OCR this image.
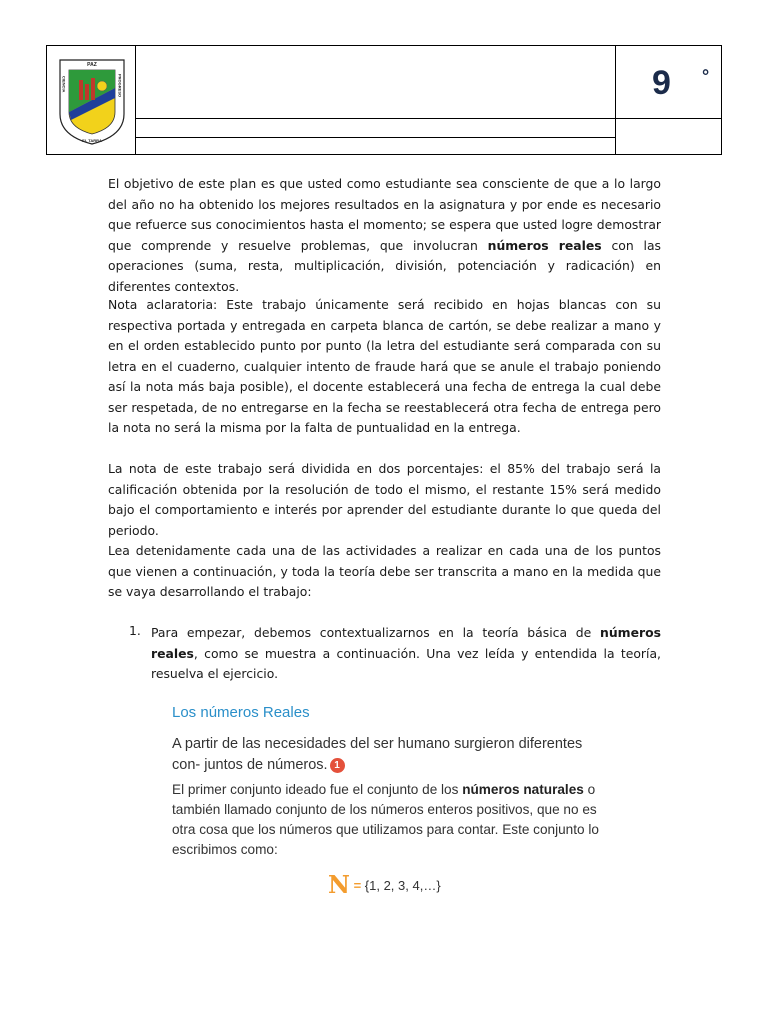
PAZ
EL TARRA
CIENCIA	PROGRESO	9 °

El objetivo de este plan es que usted como estudiante sea consciente de que a lo largo del año no ha obtenido los mejores resultados en la asignatura y por ende es necesario que refuerce sus conocimientos hasta el momento; se espera que usted logre demostrar que comprende y resuelve problemas, que involucran números reales con las operaciones (suma, resta, multiplicación, división, potenciación y radicación) en diferentes contextos.

Nota aclaratoria: Este trabajo únicamente será recibido en hojas blancas con su respectiva portada y entregada en carpeta blanca de cartón, se debe realizar a mano y en el orden establecido punto por punto (la letra del estudiante será comparada con su letra en el cuaderno, cualquier intento de fraude hará que se anule el trabajo poniendo así la nota más baja posible), el docente establecerá una fecha de entrega la cual debe ser respetada, de no entregarse en la fecha se reestablecerá otra fecha de entrega pero la nota no será la misma por la falta de puntualidad en la entrega.

La nota de este trabajo será dividida en dos porcentajes: el 85% del trabajo será la calificación obtenida por la resolución de todo el mismo, el restante 15% será medido bajo el comportamiento e interés por aprender del estudiante durante lo que queda del periodo.

Lea detenidamente cada una de las actividades a realizar en cada una de los puntos que vienen a continuación, y toda la teoría debe ser transcrita a mano en la medida que se vaya desarrollando el trabajo:

1. Para empezar, debemos contextualizarnos en la teoría básica de números reales, como se muestra a continuación. Una vez leída y entendida la teoría, resuelva el ejercicio.

Los números Reales

A partir de las necesidades del ser humano surgieron diferentes con- juntos de números. 1

El primer conjunto ideado fue el conjunto de los números naturales o también llamado conjunto de los números enteros positivos, que no es otra cosa que los números que utilizamos para contar. Este conjunto lo escribimos como:

N = {1, 2, 3, 4,…}
